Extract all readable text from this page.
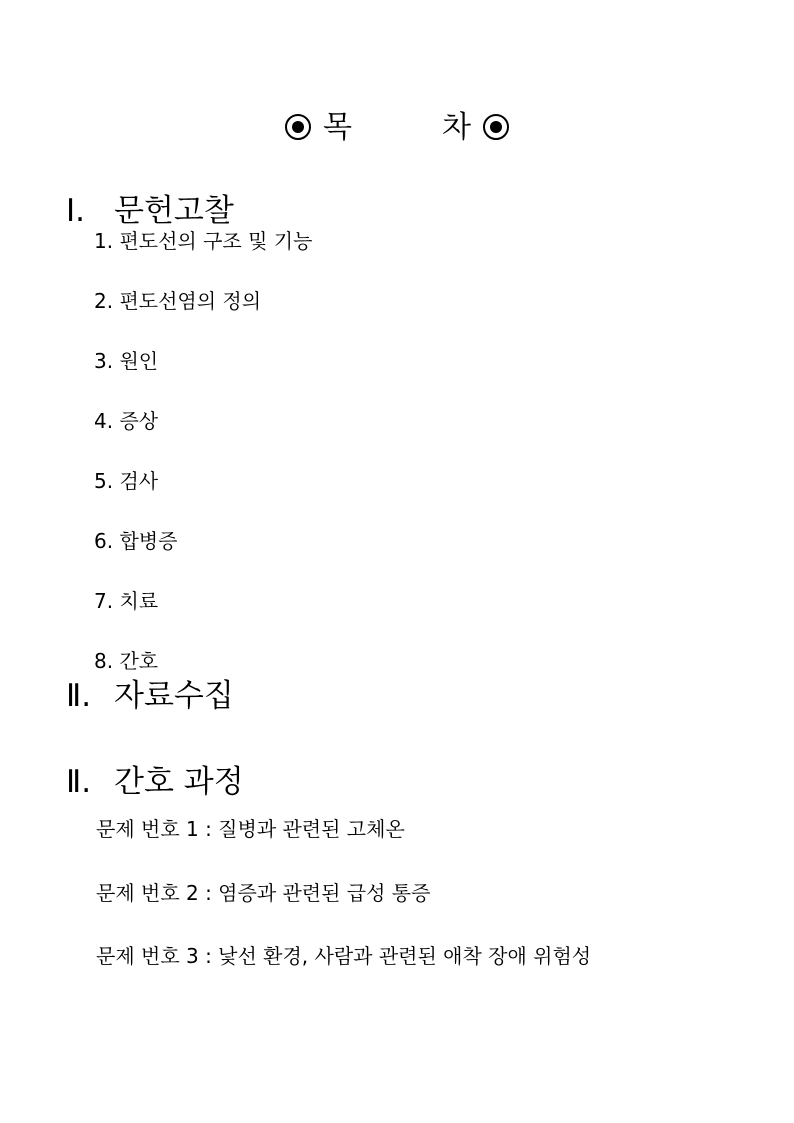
목	차
Ⅰ. 문헌고찰
1. 편도선의 구조 및 기능
2. 편도선염의 정의
3. 원인
4. 증상
5. 검사
6. 합병증
7. 치료
8. 간호
Ⅱ. 자료수집
Ⅱ. 간호 과정
문제 번호 1 : 질병과 관련된 고체온
문제 번호 2 : 염증과 관련된 급성 통증
문제 번호 3 : 낯선 환경, 사람과 관련된 애착 장애 위험성
